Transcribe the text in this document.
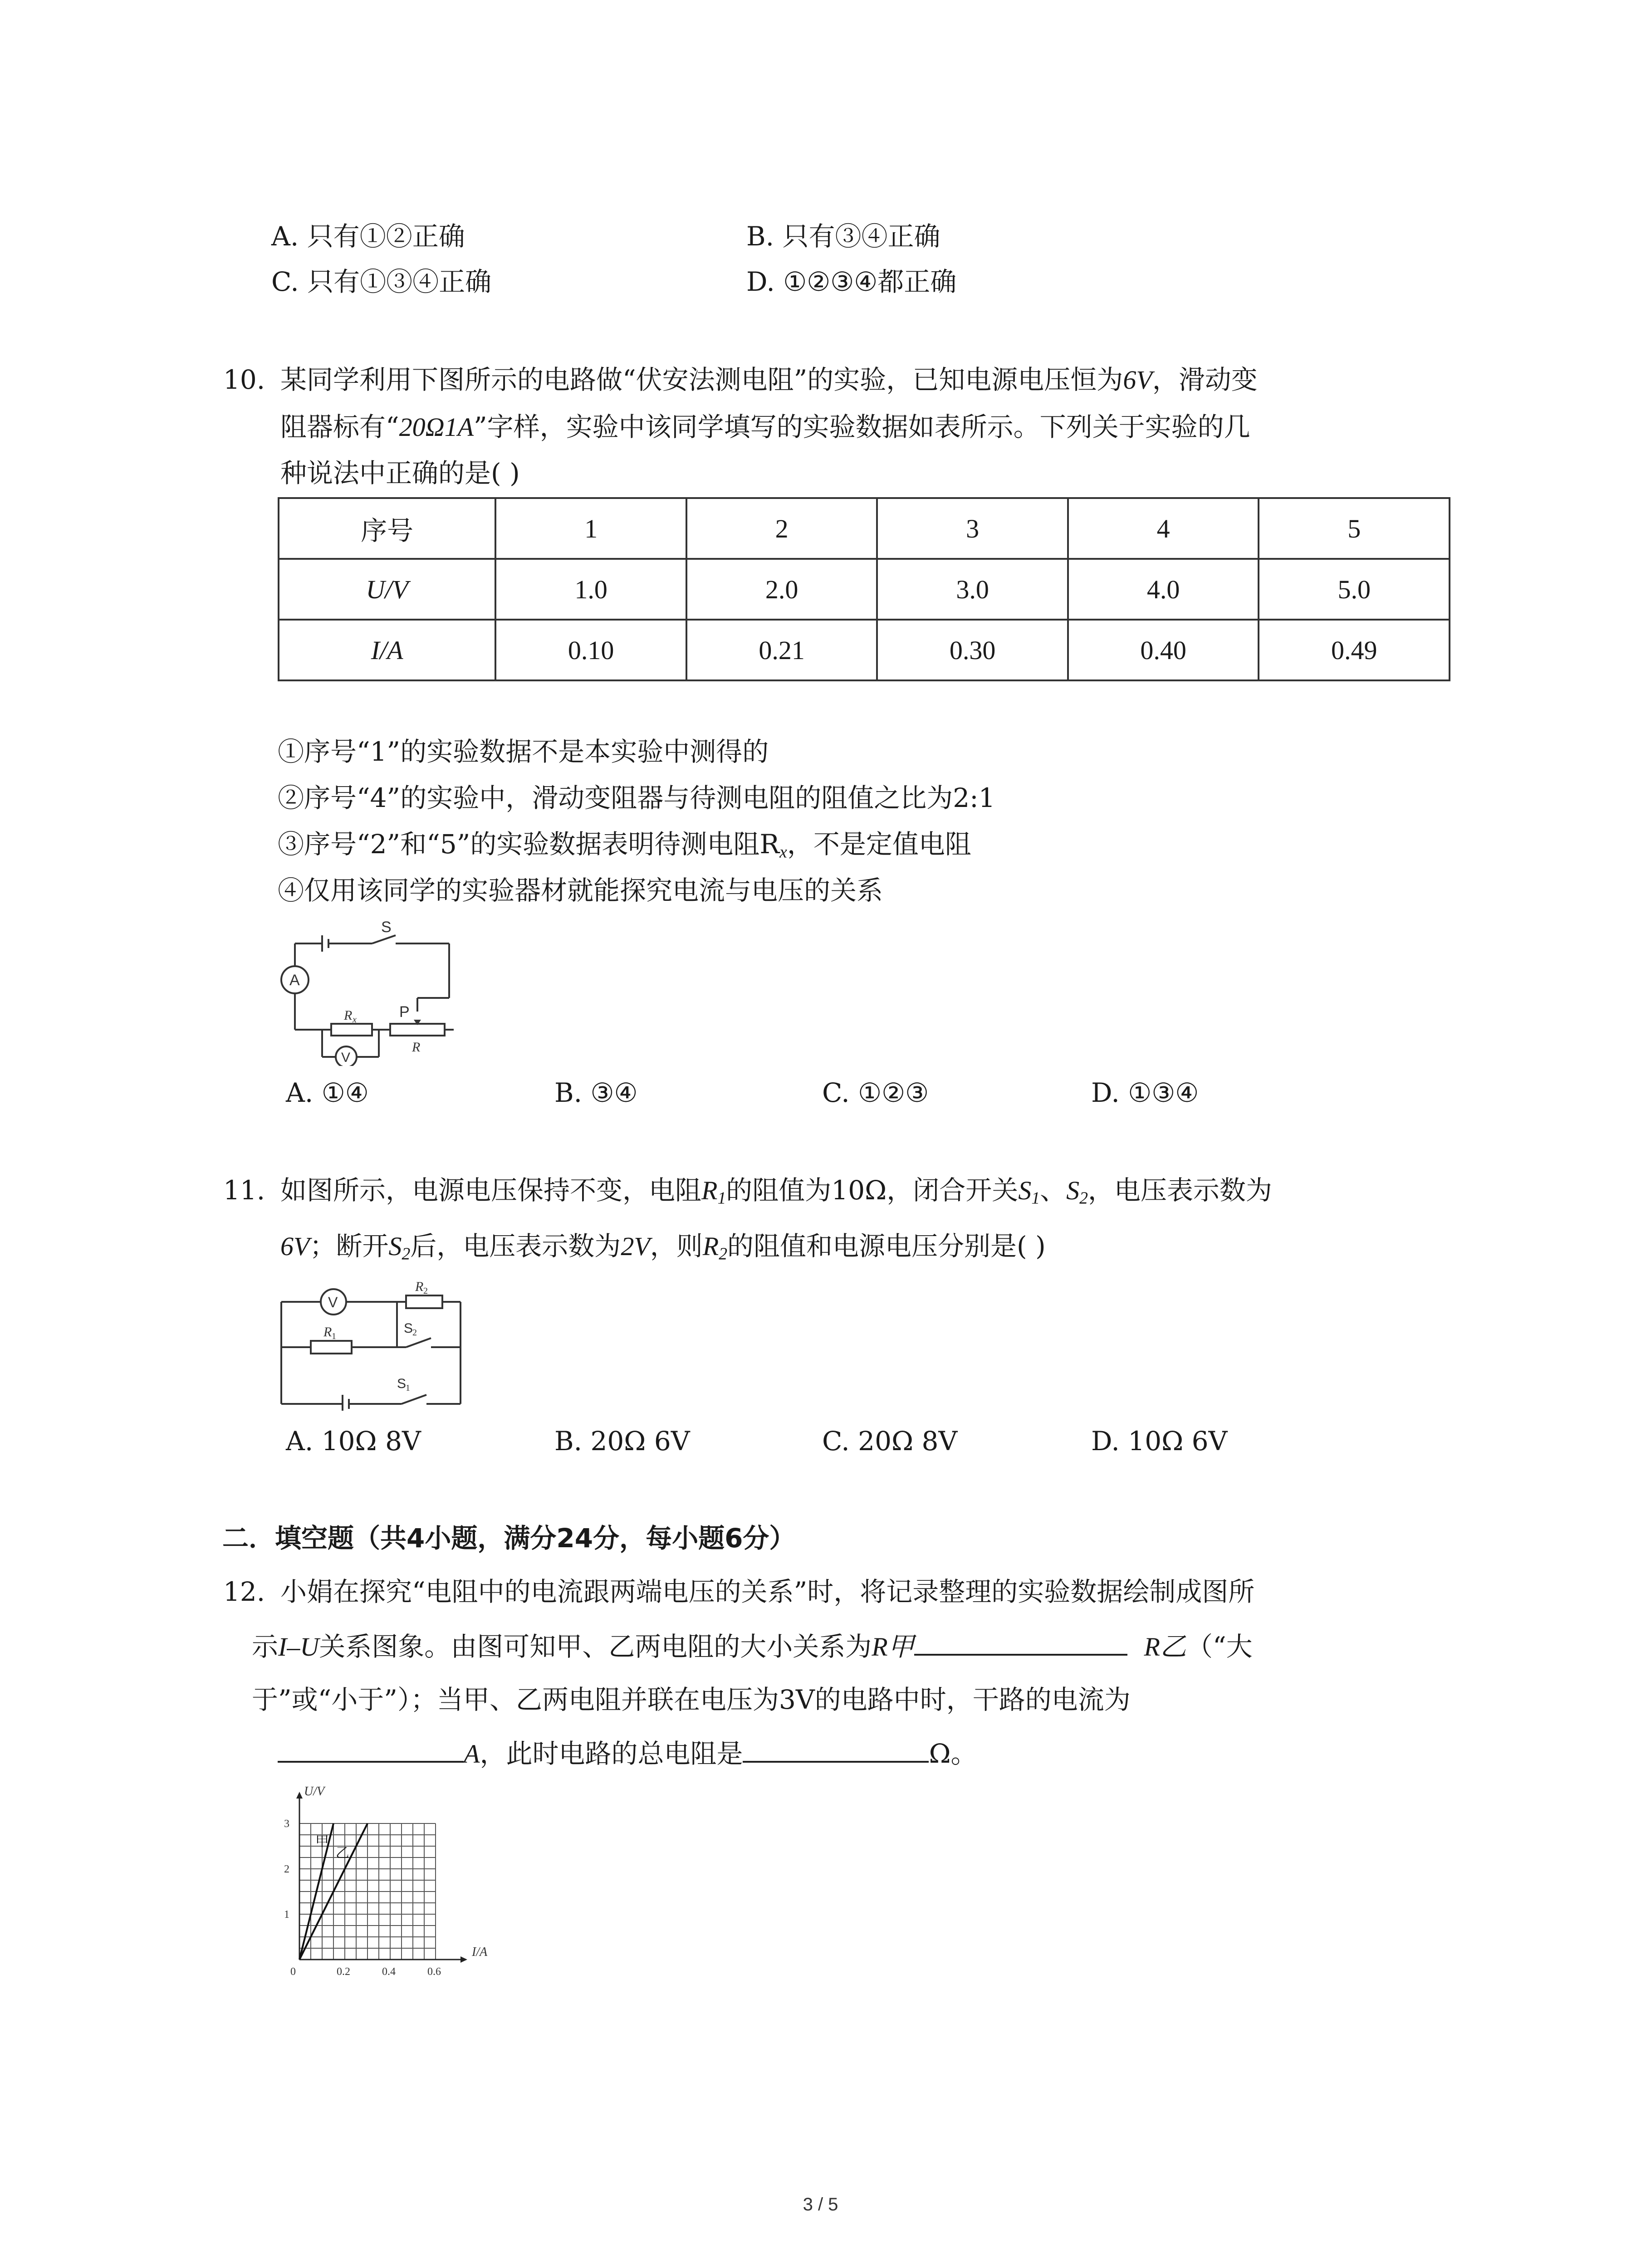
A. 只有①②正确	B. 只有③④正确
C. 只有①③④正确	D. ①②③④都正确
10. 某同学利用下图所示的电路做“伏安法测电阻”的实验，已知电源电压恒为6V，滑动变
阻器标有“20Ω1A”字样，实验中该同学填写的实验数据如表所示。下列关于实验的几
种说法中正确的是( )
序号	1	2	3	4	5
U/V	1.0	2.0	3.0	4.0	5.0
I/A	0.10	0.21	0.30	0.40	0.49
①序号“1”的实验数据不是本实验中测得的
②序号“4”的实验中，滑动变阻器与待测电阻的阻值之比为2:1
③序号“2”和“5”的实验数据表明待测电阻$R_x$，不是定值电阻
④仅用该同学的实验器材就能探究电流与电压的关系
S
A
V
R x	P
R
A. ①④	B. ③④	C. ①②③	D. ①③④
11. 如图所示，电源电压保持不变，电阻$R_1$的阻值为10Ω，闭合开关$S_1$、$S_2$，电压表示数为
6V；断开$S_2$后，电压表示数为2V，则$R_2$的阻值和电源电压分别是( )
V
R 2
R 1
S
2
S
1
A. 10Ω 8V	B. 20Ω 6V	C. 20Ω 8V	D. 10Ω 6V
二．填空题（共4小题，满分24分，每小题6分）
12. 小娟在探究“电阻中的电流跟两端电压的关系”时，将记录整理的实验数据绘制成图所
示I–U关系图象。由图可知甲、乙两电阻的大小关系为R甲	R乙（“大
于”或“小于”）；当甲、乙两电阻并联在电压为3V的电路中时，干路的电流为
A，此时电路的总电阻是	Ω。
甲
乙
0	0.2	0.4	0.6
1
2
3
U/V
I/A
3 / 5
